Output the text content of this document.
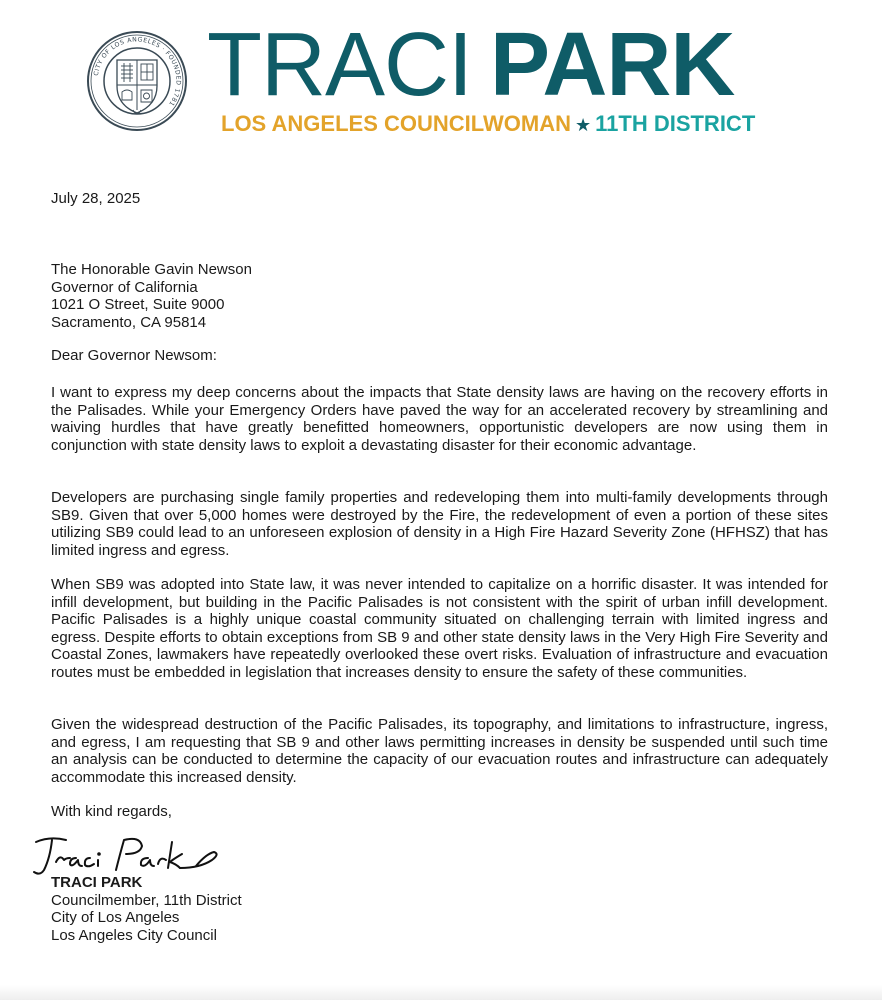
CITY OF LOS ANGELES · FOUNDED 1781 TRACI PARK
LOS ANGELES COUNCILWOMAN ★ 11TH DISTRICT
July 28, 2025
The Honorable Gavin Newson
Governor of California
1021 O Street, Suite 9000
Sacramento, CA 95814
Dear Governor Newsom:
I want to express my deep concerns about the impacts that State density laws are having on the recovery efforts in the Palisades. While your Emergency Orders have paved the way for an accelerated recovery by streamlining and waiving hurdles that have greatly benefitted homeowners, opportunistic developers are now using them in conjunction with state density laws to exploit a devastating disaster for their economic advantage.
Developers are purchasing single family properties and redeveloping them into multi-family developments through SB9. Given that over 5,000 homes were destroyed by the Fire, the redevelopment of even a portion of these sites utilizing SB9 could lead to an unforeseen explosion of density in a High Fire Hazard Severity Zone (HFHSZ) that has limited ingress and egress.
When SB9 was adopted into State law, it was never intended to capitalize on a horrific disaster. It was intended for infill development, but building in the Pacific Palisades is not consistent with the spirit of urban infill development. Pacific Palisades is a highly unique coastal community situated on challenging terrain with limited ingress and egress. Despite efforts to obtain exceptions from SB 9 and other state density laws in the Very High Fire Severity and Coastal Zones, lawmakers have repeatedly overlooked these overt risks. Evaluation of infrastructure and evacuation routes must be embedded in legislation that increases density to ensure the safety of these communities.
Given the widespread destruction of the Pacific Palisades, its topography, and limitations to infrastructure, ingress, and egress, I am requesting that SB 9 and other laws permitting increases in density be suspended until such time an analysis can be conducted to determine the capacity of our evacuation routes and infrastructure can adequately accommodate this increased density.
With kind regards,
TRACI PARK
Councilmember, 11th District
City of Los Angeles
Los Angeles City Council
